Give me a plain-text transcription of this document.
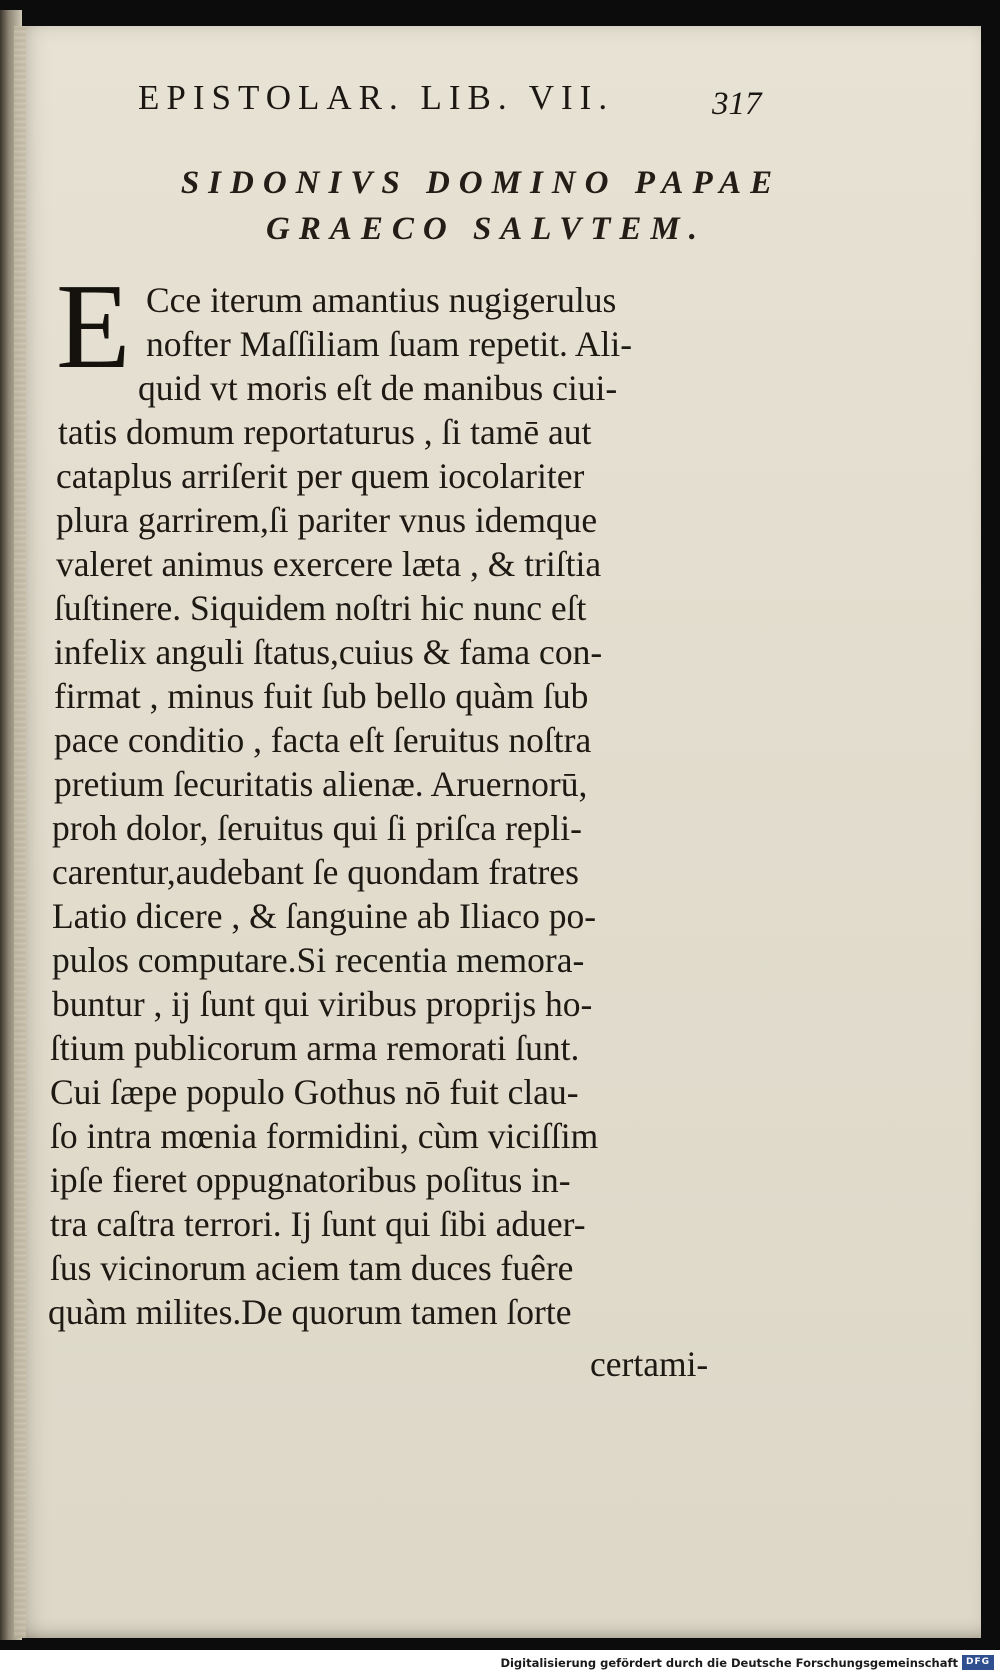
EPISTOLAR. LIB. VII.	317
SIDONIVS DOMINO PAPAE
GRAECO SALVTEM.
E Cce iterum amantius nugigerulus
nofter Maſſiliam ſuam repetit. Ali-
quid vt moris eſt de manibus ciui-
tatis domum reportaturus , ſi tamē aut
cataplus arriſerit per quem iocolariter
plura garrirem,ſi pariter vnus idemque
valeret animus exercere læta , & triſtia
ſuſtinere. Siquidem noſtri hic nunc eſt
infelix anguli ſtatus,cuius & fama con-
firmat , minus fuit ſub bello quàm ſub
pace conditio , facta eſt ſeruitus noſtra
pretium ſecuritatis alienæ. Aruernorū,
proh dolor, ſeruitus qui ſi priſca repli-
carentur,audebant ſe quondam fratres
Latio dicere , & ſanguine ab Iliaco po-
pulos computare.Si recentia memora-
buntur , ij ſunt qui viribus proprijs ho-
ſtium publicorum arma remorati ſunt.
Cui ſæpe populo Gothus nō fuit clau-
ſo intra mœnia formidini, cùm viciſſim
ipſe fieret oppugnatoribus poſitus in-
tra caſtra terrori. Ij ſunt qui ſibi aduer-
ſus vicinorum aciem tam duces fuêre
quàm milites.De quorum tamen ſorte
certami-
Digitalisierung gefördert durch die Deutsche Forschungsgemeinschaft DFG
